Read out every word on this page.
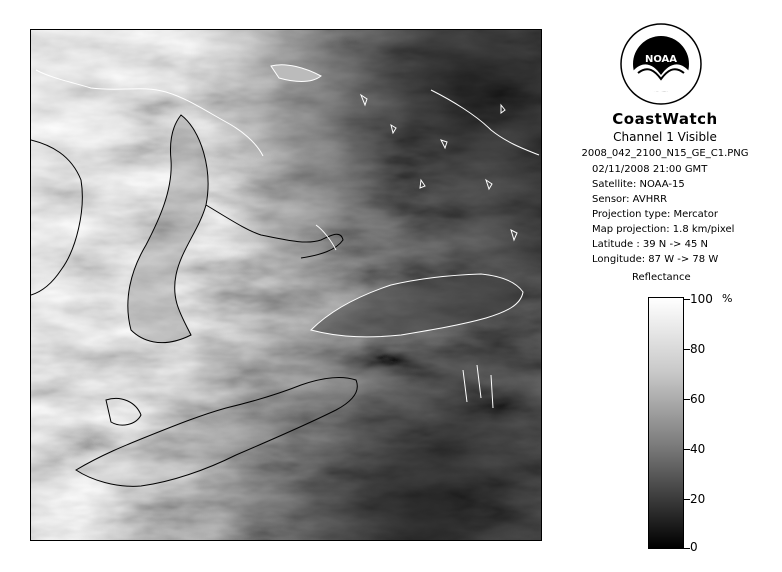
NOAA
CoastWatch
Channel 1 Visible
2008_042_2100_N15_GE_C1.PNG
02/11/2008 21:00 GMT
Satellite: NOAA-15
Sensor: AVHRR
Projection type: Mercator
Map projection: 1.8 km/pixel
Latitude : 39 N -> 45 N
Longitude: 87 W -> 78 W
Reflectance
%
100
80
60
40
20
0
